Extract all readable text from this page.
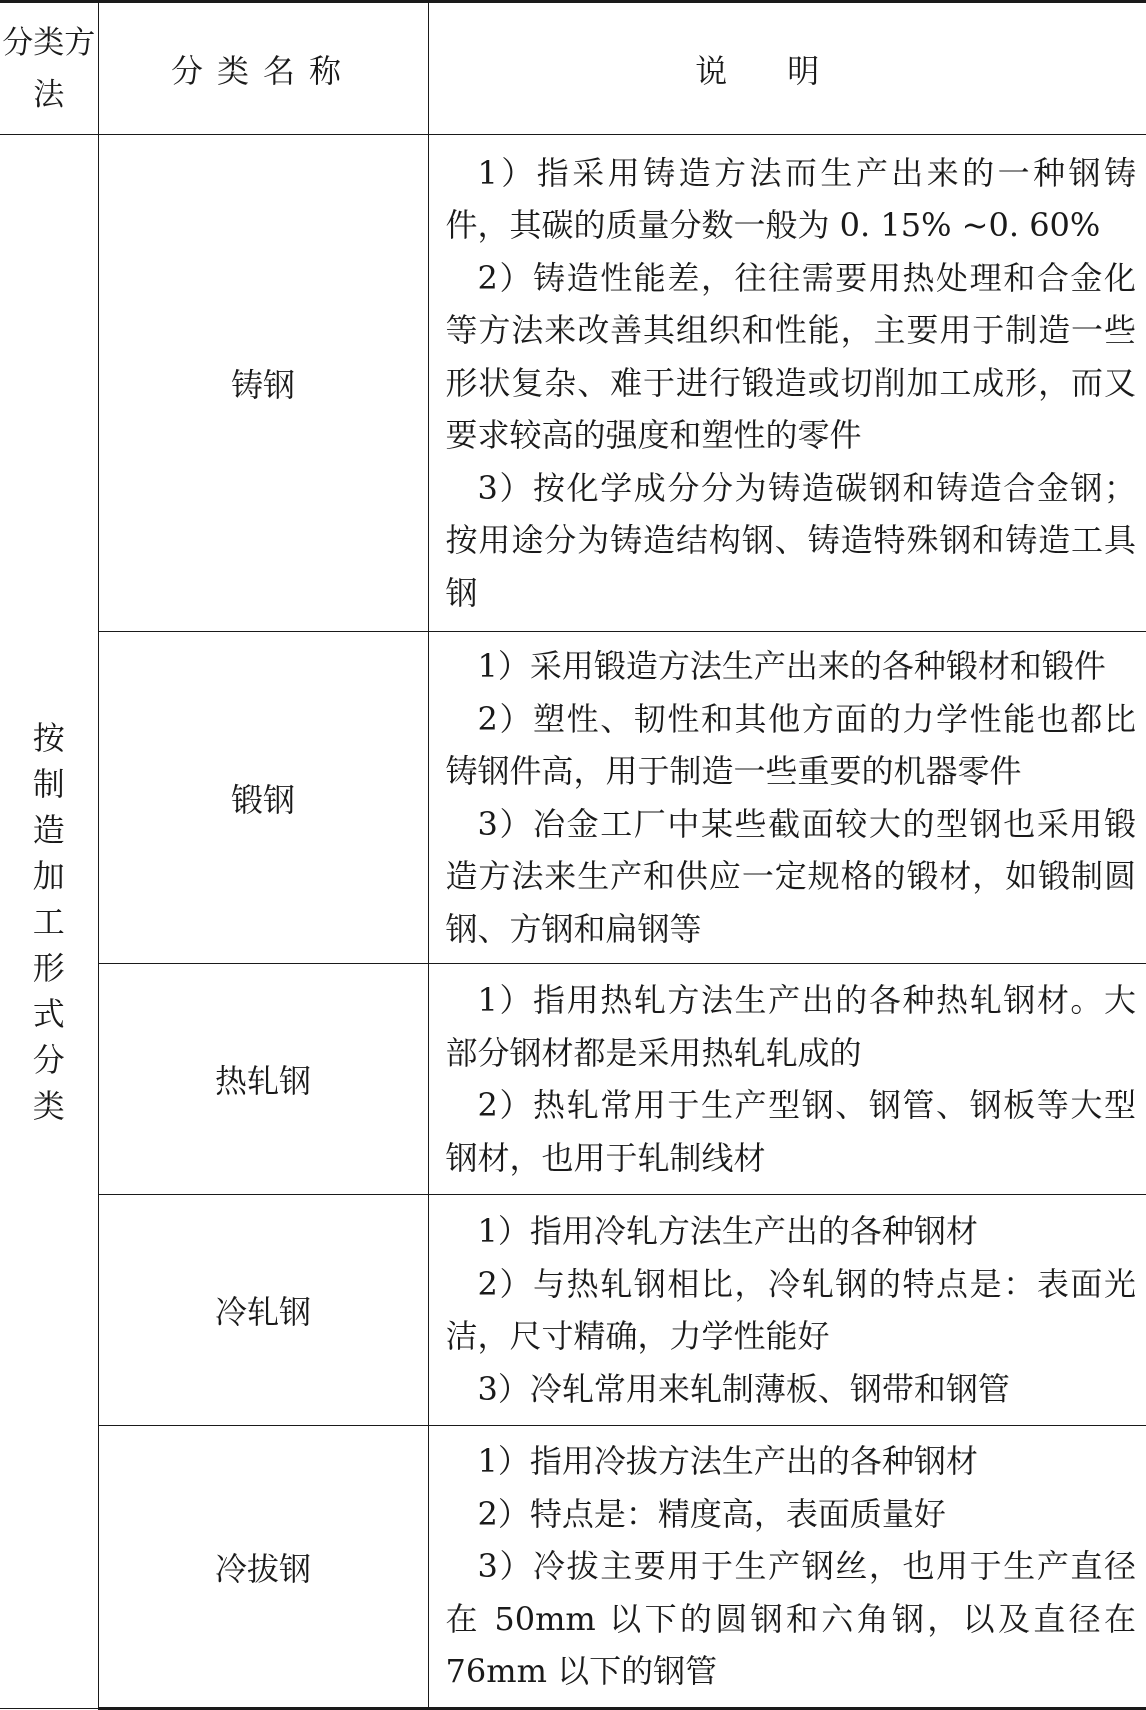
分类方法	分类名称	说明
按制造加工形式分类	铸钢	1）指采用铸造方法而生产出来的一种钢铸件，其碳的质量分数一般为 0. 15% ~0. 60%

2）铸造性能差，往往需要用热处理和合金化等方法来改善其组织和性能，主要用于制造一些形状复杂、难于进行锻造或切削加工成形，而又要求较高的强度和塑性的零件

3）按化学成分分为铸造碳钢和铸造合金钢；按用途分为铸造结构钢、铸造特殊钢和铸造工具钢

	锻钢	1）采用锻造方法生产出来的各种锻材和锻件

2）塑性、韧性和其他方面的力学性能也都比铸钢件高，用于制造一些重要的机器零件

3）冶金工厂中某些截面较大的型钢也采用锻造方法来生产和供应一定规格的锻材，如锻制圆钢、方钢和扁钢等

	热轧钢	1）指用热轧方法生产出的各种热轧钢材。大部分钢材都是采用热轧轧成的

2）热轧常用于生产型钢、钢管、钢板等大型钢材，也用于轧制线材

	冷轧钢	1）指用冷轧方法生产出的各种钢材

2）与热轧钢相比，冷轧钢的特点是：表面光洁，尺寸精确，力学性能好

3）冷轧常用来轧制薄板、钢带和钢管

	冷拔钢	1）指用冷拔方法生产出的各种钢材

2）特点是：精度高，表面质量好

3）冷拔主要用于生产钢丝，也用于生产直径在 50mm 以下的圆钢和六角钢，以及直径在 76mm 以下的钢管
